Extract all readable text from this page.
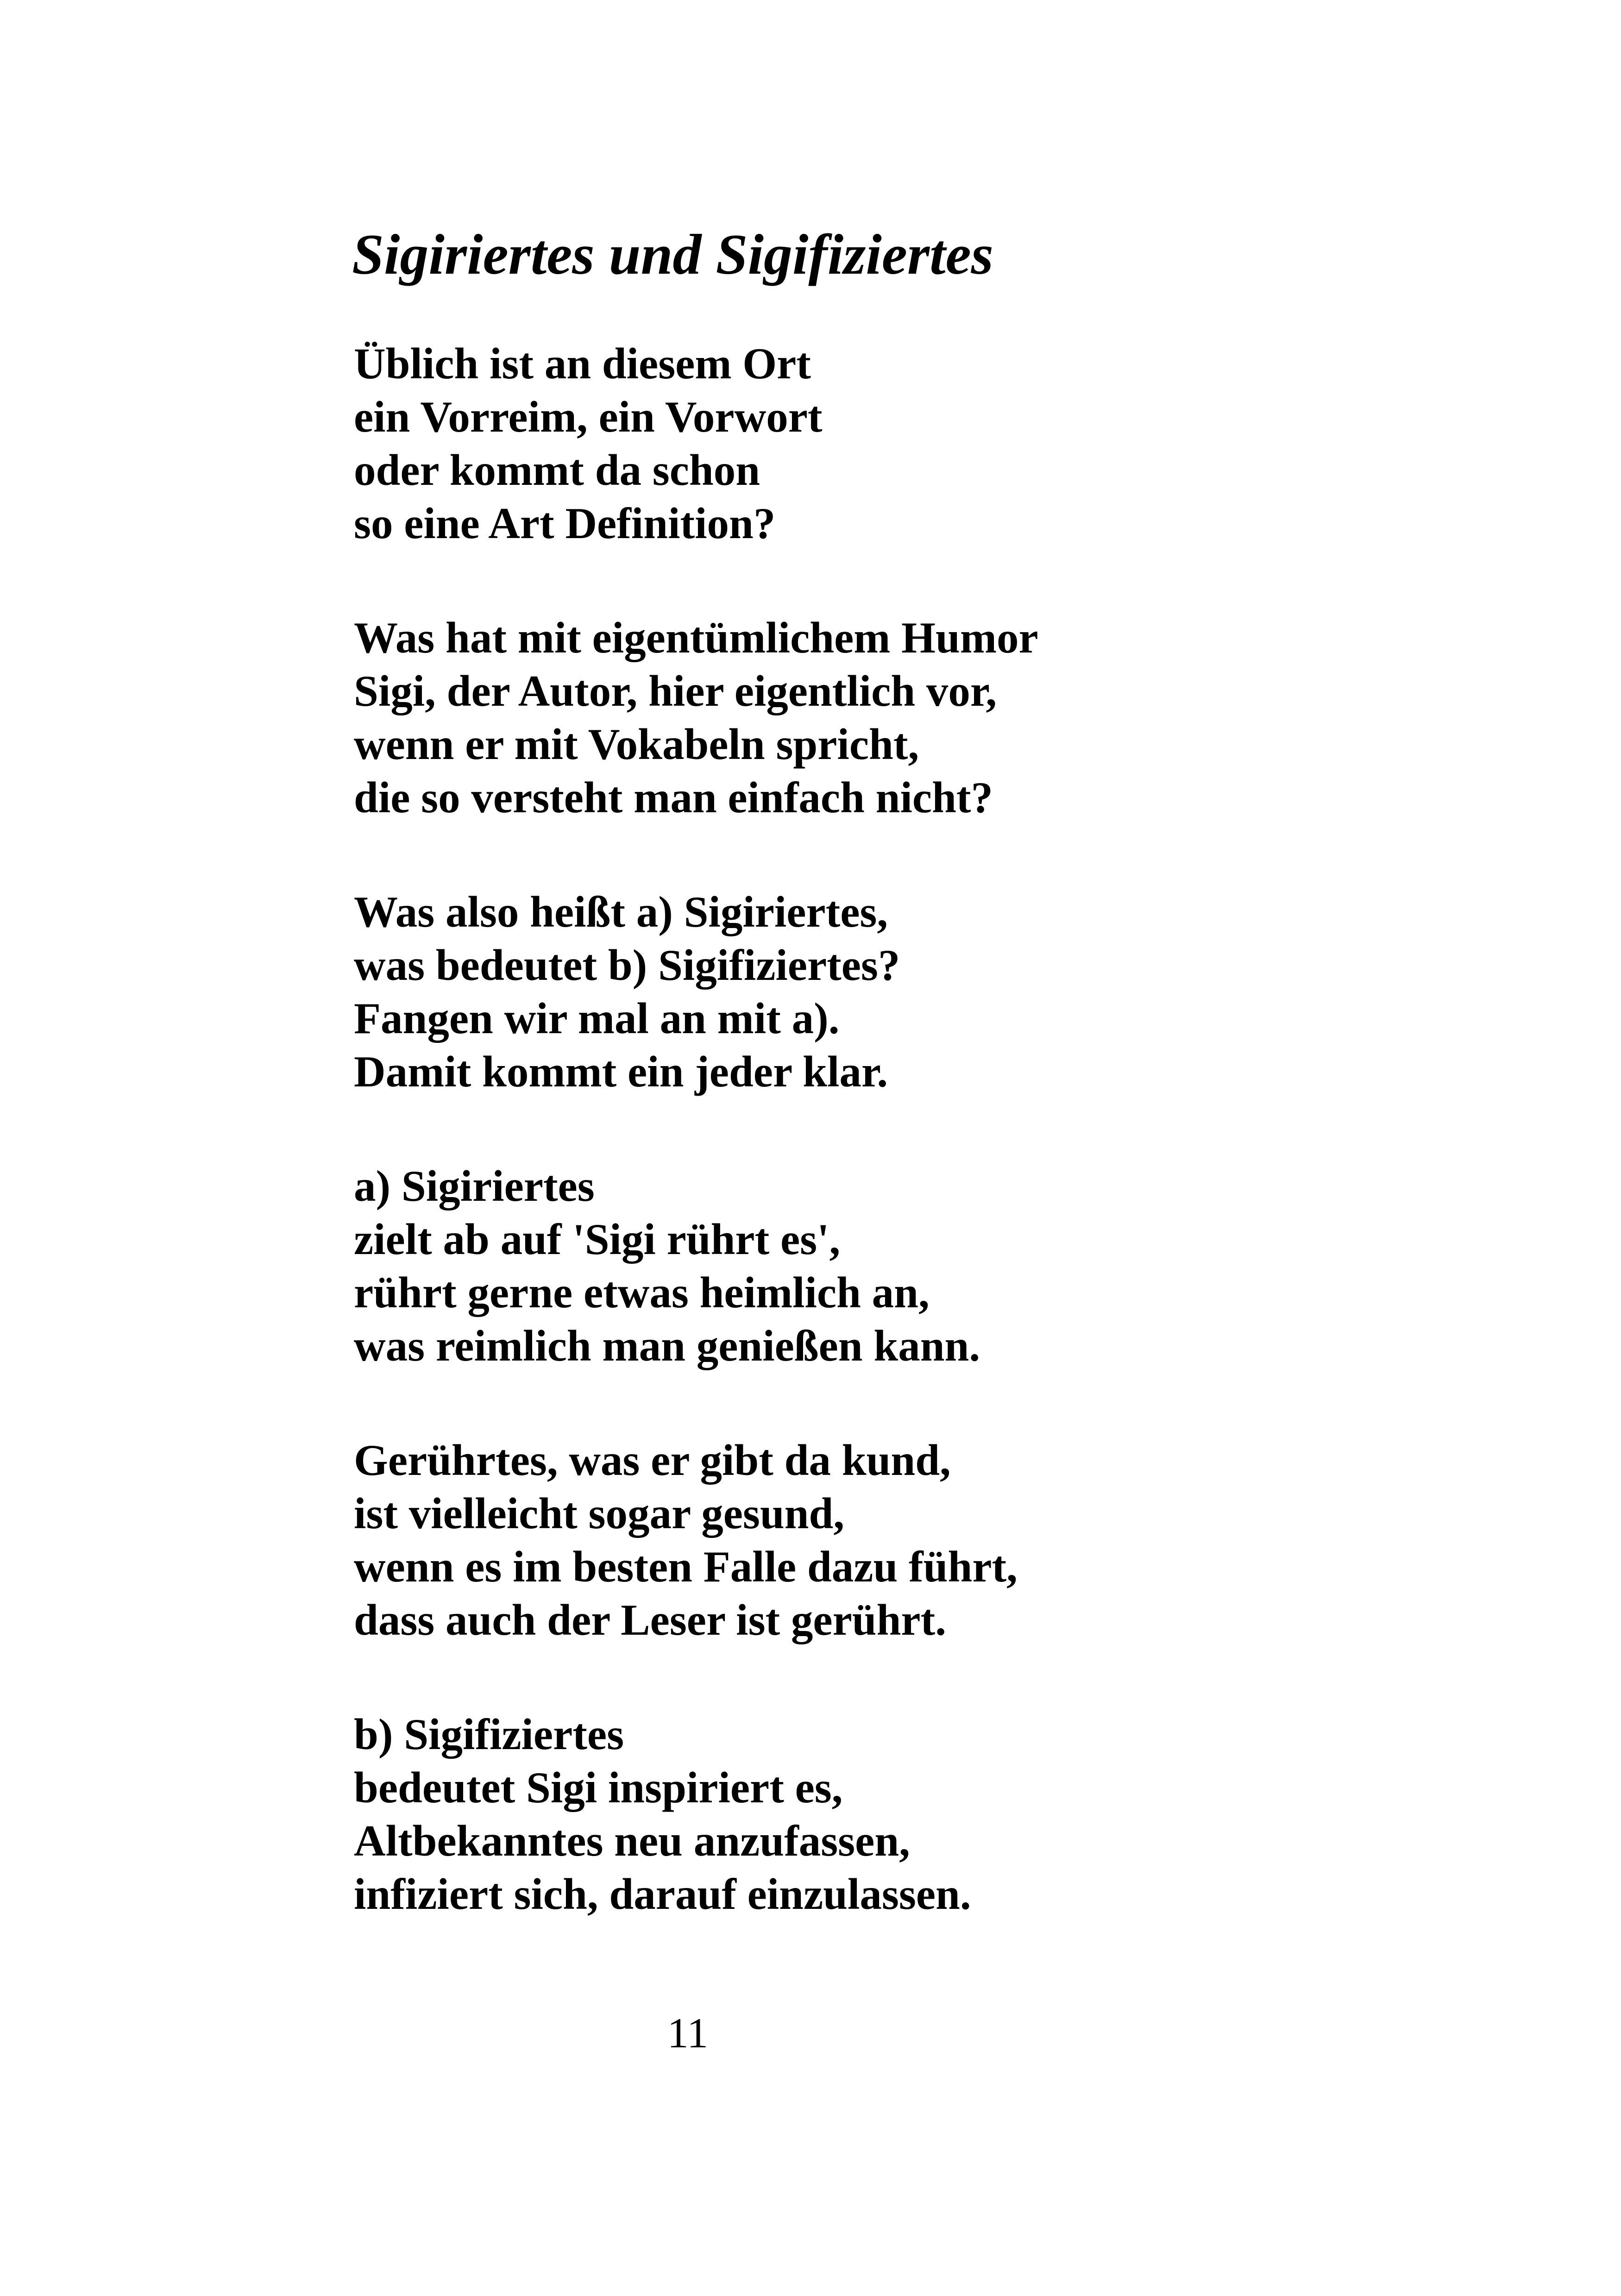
Sigiriertes und Sigifiziertes

Üblich ist an diesem Ort
ein Vorreim, ein Vorwort
oder kommt da schon
so eine Art Definition?

Was hat mit eigentümlichem Humor
Sigi, der Autor, hier eigentlich vor,
wenn er mit Vokabeln spricht,
die so versteht man einfach nicht?

Was also heißt a) Sigiriertes,
was bedeutet b) Sigifiziertes?
Fangen wir mal an mit a).
Damit kommt ein jeder klar.

a) Sigiriertes
zielt ab auf 'Sigi rührt es',
rührt gerne etwas heimlich an,
was reimlich man genießen kann.

Gerührtes, was er gibt da kund,
ist vielleicht sogar gesund,
wenn es im besten Falle dazu führt,
dass auch der Leser ist gerührt.

b) Sigifiziertes
bedeutet Sigi inspiriert es,
Altbekanntes neu anzufassen,
infiziert sich, darauf einzulassen.

11
